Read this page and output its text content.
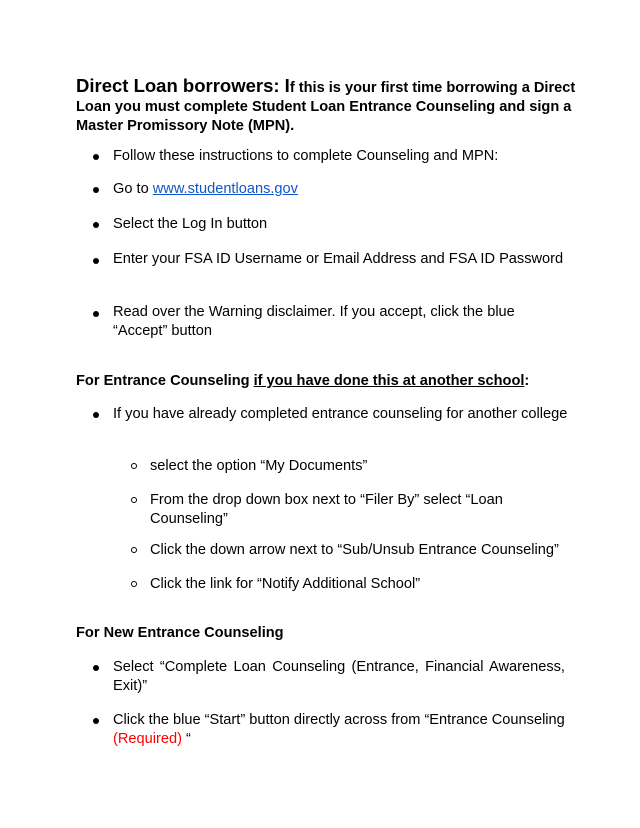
Direct Loan borrowers: If this is your first time borrowing a Direct Loan you must complete Student Loan Entrance Counseling and sign a Master Promissory Note (MPN).
Follow these instructions to complete Counseling and MPN:
Go to www.studentloans.gov
Select the Log In button
Enter your FSA ID Username or Email Address and FSA ID Password
Read over the Warning disclaimer. If you accept, click the blue “Accept” button
For Entrance Counseling if you have done this at another school:
If you have already completed entrance counseling for another college
select the option “My Documents”
From the drop down box next to “Filer By” select “Loan Counseling”
Click the down arrow next to “Sub/Unsub Entrance Counseling”
Click the link for “Notify Additional School”
For New Entrance Counseling
Select “Complete Loan Counseling (Entrance, Financial Awareness, Exit)”
Click the blue “Start” button directly across from “Entrance Counseling (Required) “
